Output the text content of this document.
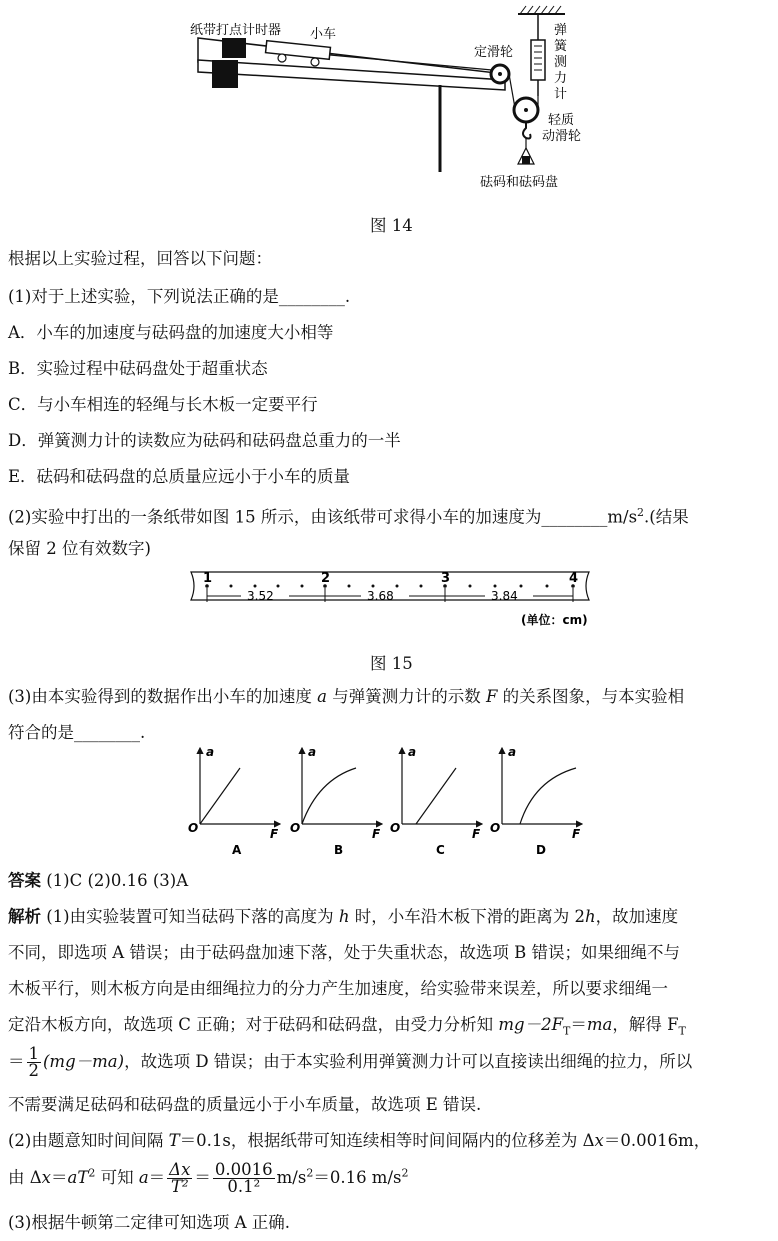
纸带打点计时器 小车
定滑轮
弹
簧
测
力
计
轻质
动滑轮
砝码和砝码盘
图 14
根据以上实验过程，回答以下问题：
(1)对于上述实验，下列说法正确的是________.
A．小车的加速度与砝码盘的加速度大小相等
B．实验过程中砝码盘处于超重状态
C．与小车相连的轻绳与长木板一定要平行
D．弹簧测力计的读数应为砝码和砝码盘总重力的一半
E．砝码和砝码盘的总质量应远小于小车的质量
(2)实验中打出的一条纸带如图 15 所示，由该纸带可求得小车的加速度为$\_\_\_\_\_\_\_\_m/s^2$.(结果
保留 2 位有效数字)
1	2	3	4
3.52	3.68	3.84
(单位：cm)
图 15
(3)由本实验得到的数据作出小车的加速度 a 与弹簧测力计的示数 F 的关系图象，与本实验相
符合的是________.
a
F
O
A
a
F
O
B
a
F
O
C
a
F
O
D
答案 (1)C (2)0.16 (3)A
解析 (1)由实验装置可知当砝码下落的高度为 h 时，小车沿木板下滑的距离为 2h，故加速度
不同，即选项 A 错误；由于砝码盘加速下落，处于失重状态，故选项 B 错误；如果细绳不与
木板平行，则木板方向是由细绳拉力的分力产生加速度，给实验带来误差，所以要求细绳一
定沿木板方向，故选项 C 正确；对于砝码和砝码盘，由受力分析知 $mg-2F_T=ma$，解得 $F_T$
＝ $\frac{1}{2} (mg-ma)$，故选项 D 错误；由于本实验利用弹簧测力计可以直接读出细绳的拉力，所以
不需要满足砝码和砝码盘的质量远小于小车质量，故选项 E 错误.
(2)由题意知时间间隔 T＝0.1s，根据纸带可知连续相等时间间隔内的位移差为 Δx＝0.0016m，
由 $\Delta x=aT^2$ 可知 $a= \frac{\Delta x}{\text{T²}} = \frac{0.0016}{\text{0.1²}} m/s^2=0.16$ $m/s^2$
(3)根据牛顿第二定律可知选项 A 正确.
